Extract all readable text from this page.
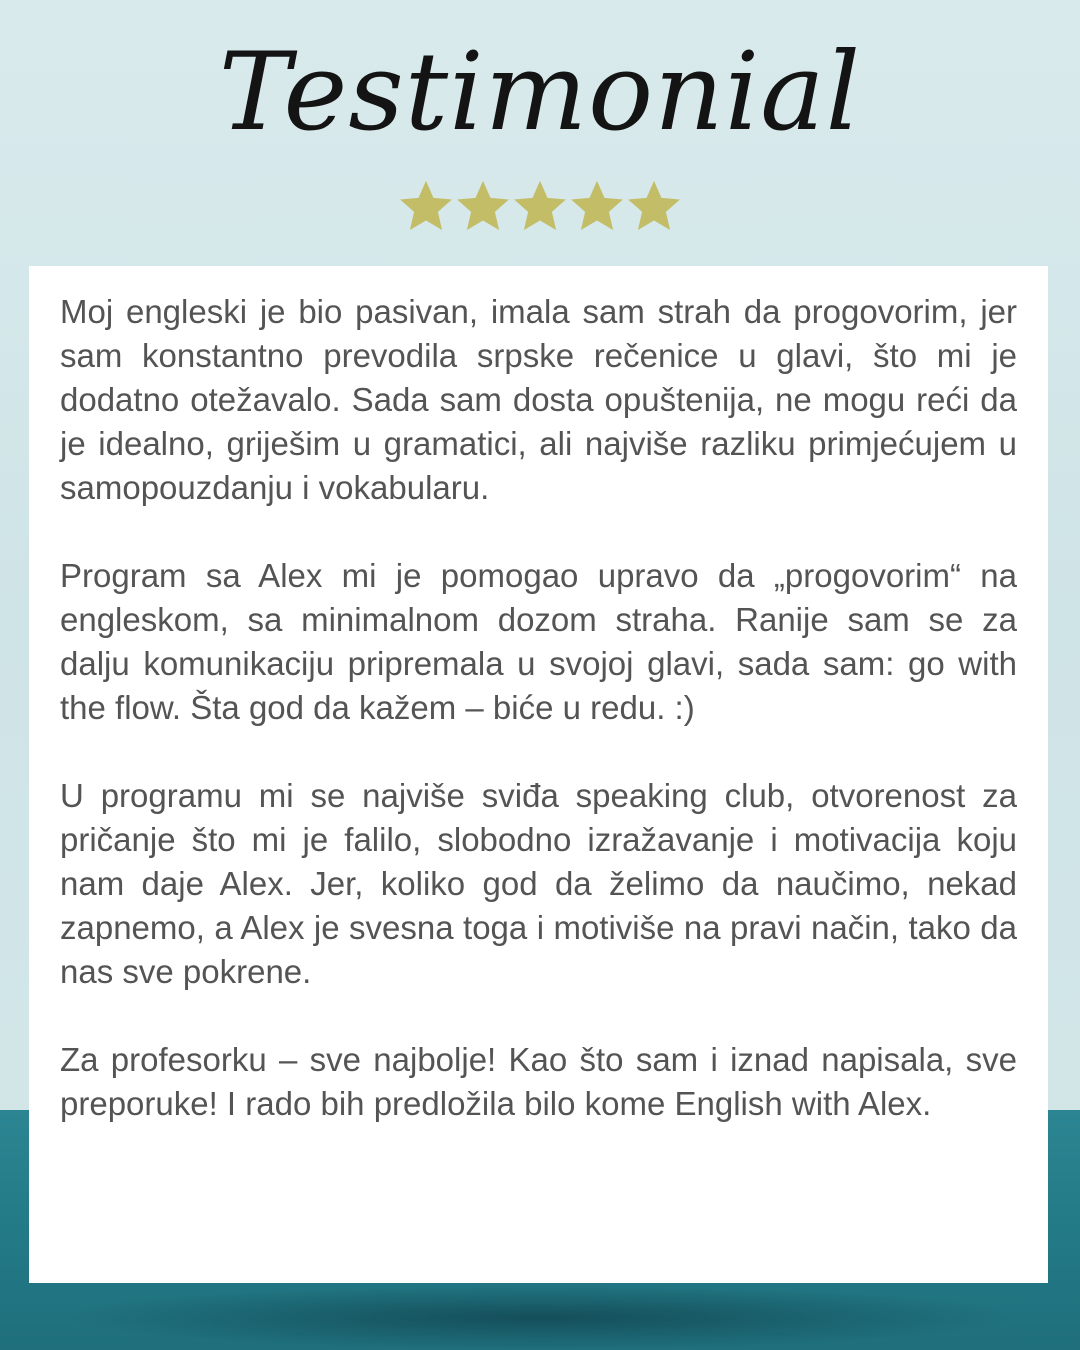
Testimonial

Moj engleski je bio pasivan, imala sam strah da progovorim, jer sam konstantno prevodila srpske rečenice u glavi, što mi je dodatno otežavalo. Sada sam dosta opuštenija, ne mogu reći da je idealno, griješim u gramatici, ali najviše razliku primjećujem u samopouzdanju i vokabularu.

Program sa Alex mi je pomogao upravo da „progovorim“ na engleskom, sa minimalnom dozom straha. Ranije sam se za dalju komunikaciju pripremala u svojoj glavi, sada sam: go with the flow. Šta god da kažem – biće u redu. :)

U programu mi se najviše sviđa speaking club, otvorenost za pričanje što mi je falilo, slobodno izražavanje i motivacija koju nam daje Alex. Jer, koliko god da želimo da naučimo, nekad zapnemo, a Alex je svesna toga i motiviše na pravi način, tako da nas sve pokrene.

Za profesorku – sve najbolje! Kao što sam i iznad napisala, sve preporuke! I rado bih predložila bilo kome English with Alex.
